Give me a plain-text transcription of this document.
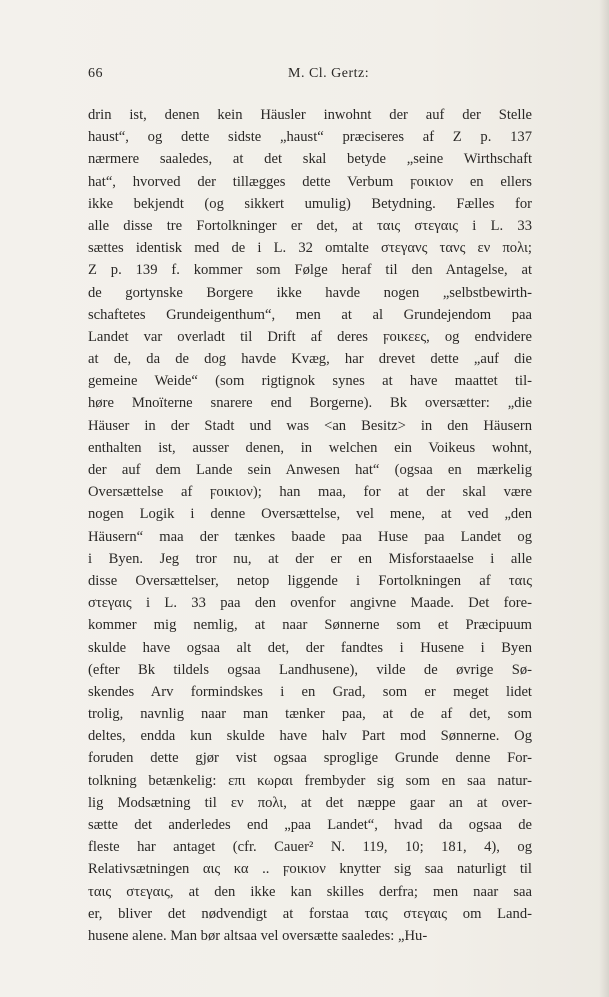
66	M. Cl. Gertz:
drin ist, denen kein Häusler inwohnt der auf der Stelle
haust“, og dette sidste „haust“ præciseres af Z p. 137
nærmere saaledes, at det skal betyde „seine Wirthschaft
hat“, hvorved der tillægges dette Verbum ϝοικιον en ellers
ikke bekjendt (og sikkert umulig) Betydning. Fælles for
alle disse tre Fortolkninger er det, at ταις στεγαις i L. 33
sættes identisk med de i L. 32 omtalte στεγανς τανς εν πολι;
Z p. 139 f. kommer som Følge heraf til den Antagelse, at
de gortynske Borgere ikke havde nogen „selbstbewirth-
schaftetes Grundeigenthum“, men at al Grundejendom paa
Landet var overladt til Drift af deres ϝοικεες, og endvidere
at de, da de dog havde Kvæg, har drevet dette „auf die
gemeine Weide“ (som rigtignok synes at have maattet til-
høre Mnoïterne snarere end Borgerne). Bk oversætter: „die
Häuser in der Stadt und was <an Besitz> in den Häusern
enthalten ist, ausser denen, in welchen ein Voikeus wohnt,
der auf dem Lande sein Anwesen hat“ (ogsaa en mærkelig
Oversættelse af ϝοικιον); han maa, for at der skal være
nogen Logik i denne Oversættelse, vel mene, at ved „den
Häusern“ maa der tænkes baade paa Huse paa Landet og
i Byen. Jeg tror nu, at der er en Misforstaaelse i alle
disse Oversættelser, netop liggende i Fortolkningen af ταις
στεγαις i L. 33 paa den ovenfor angivne Maade. Det fore-
kommer mig nemlig, at naar Sønnerne som et Præcipuum
skulde have ogsaa alt det, der fandtes i Husene i Byen
(efter Bk tildels ogsaa Landhusene), vilde de øvrige Sø-
skendes Arv formindskes i en Grad, som er meget lidet
trolig, navnlig naar man tænker paa, at de af det, som
deltes, endda kun skulde have halv Part mod Sønnerne. Og
foruden dette gjør vist ogsaa sproglige Grunde denne For-
tolkning betænkelig: επι κωραι frembyder sig som en saa natur-
lig Modsætning til εν πολι, at det næppe gaar an at over-
sætte det anderledes end „paa Landet“, hvad da ogsaa de
fleste har antaget (cfr. Cauer² N. 119, 10; 181, 4), og
Relativsætningen αις κα .. ϝοικιον knytter sig saa naturligt til
ταις στεγαις, at den ikke kan skilles derfra; men naar saa
er, bliver det nødvendigt at forstaa ταις στεγαις om Land-
husene alene. Man bør altsaa vel oversætte saaledes: „Hu-
